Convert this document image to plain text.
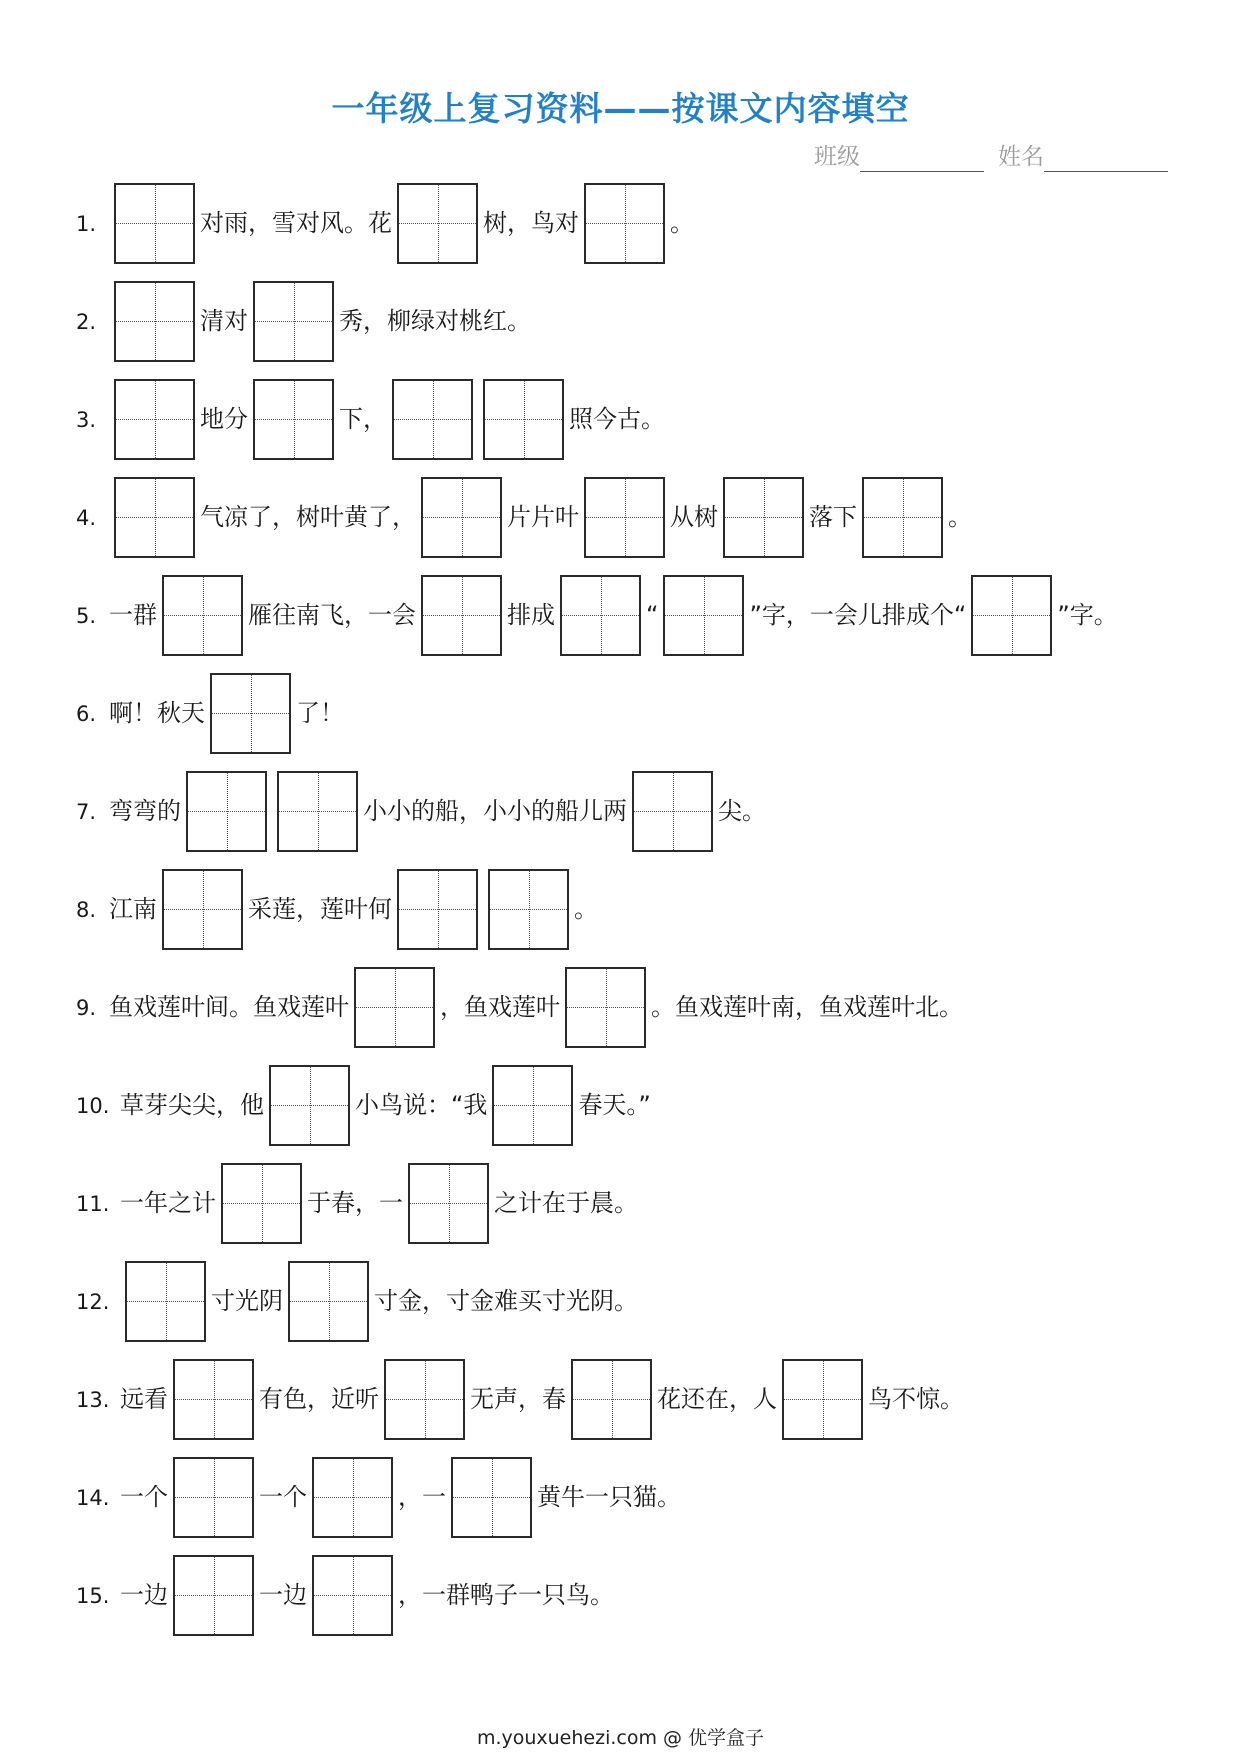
一年级上复习资料——按课文内容填空
班级	姓名
1.	对雨，雪对风。花	树，鸟对	。
2.	清对	秀，柳绿对桃红。
3.	地分	下，	照今古。
4.	气凉了，树叶黄了，	片片叶	从树	落下	。
5. 一群	雁往南飞，一会	排成	“	”字，一会儿排成个“	”字。
6. 啊！秋天	了！
7. 弯弯的	小小的船，小小的船儿两	尖。
8. 江南	采莲，莲叶何	。
9. 鱼戏莲叶间。鱼戏莲叶	，鱼戏莲叶	。鱼戏莲叶南，鱼戏莲叶北。
10. 草芽尖尖，他	小鸟说：“我	春天。”
11. 一年之计	于春，一	之计在于晨。
12.	寸光阴	寸金，寸金难买寸光阴。
13. 远看	有色，近听	无声，春	花还在，人	鸟不惊。
14. 一个	一个	，一	黄牛一只猫。
15. 一边	一边	，一群鸭子一只鸟。
m.youxuehezi.com @ 优学盒子
